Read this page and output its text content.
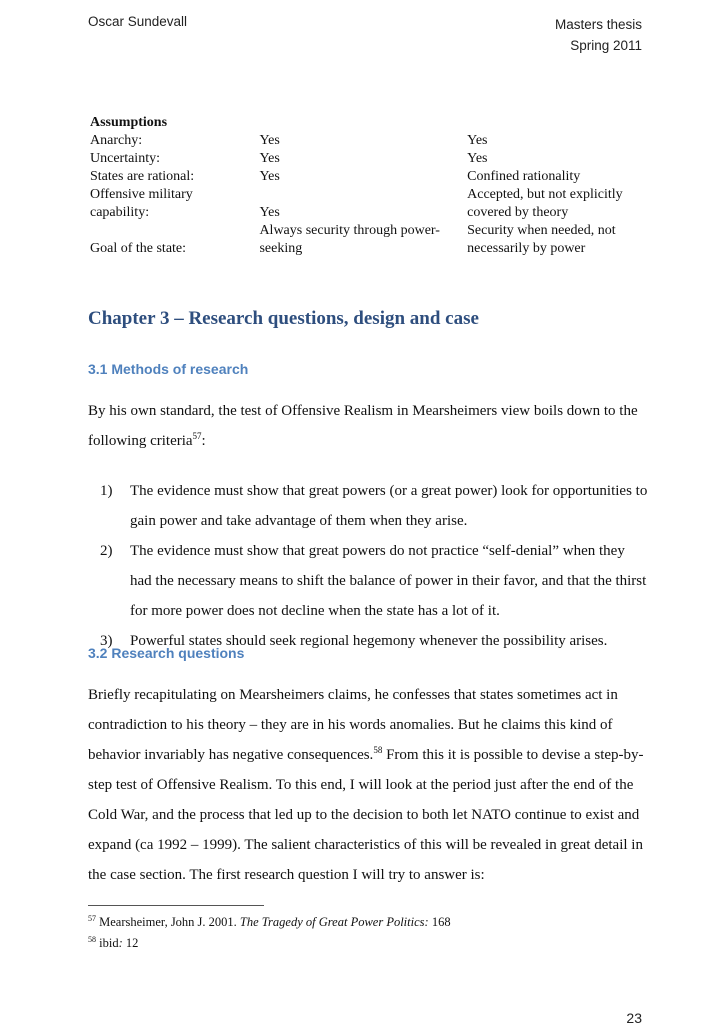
Oscar Sundevall	Masters thesis
Spring 2011
Assumptions		
Anarchy:	Yes	Yes
Uncertainty:	Yes	Yes
States are rational:	Yes	Confined rationality
Offensive military capability:	Yes	Accepted, but not explicitly covered by theory
Goal of the state:	Always security through power-seeking	Security when needed, not necessarily by power
Chapter 3 – Research questions, design and case
3.1 Methods of research

By his own standard, the test of Offensive Realism in Mearsheimers view boils down to the following criteria$^{57}$:

1) The evidence must show that great powers (or a great power) look for opportunities to gain power and take advantage of them when they arise.
2) The evidence must show that great powers do not practice “self-denial” when they had the necessary means to shift the balance of power in their favor, and that the thirst for more power does not decline when the state has a lot of it.
3) Powerful states should seek regional hegemony whenever the possibility arises.
3.2 Research questions

Briefly recapitulating on Mearsheimers claims, he confesses that states sometimes act in contradiction to his theory – they are in his words anomalies. But he claims this kind of behavior invariably has negative consequences.$^{58}$ From this it is possible to devise a step-by-step test of Offensive Realism. To this end, I will look at the period just after the end of the Cold War, and the process that led up to the decision to both let NATO continue to exist and expand (ca 1992 – 1999). The salient characteristics of this will be revealed in great detail in the case section. The first research question I will try to answer is:

$^{57}$ Mearsheimer, John J. 2001. The Tragedy of Great Power Politics: 168
$^{58}$ ibid: 12
23
